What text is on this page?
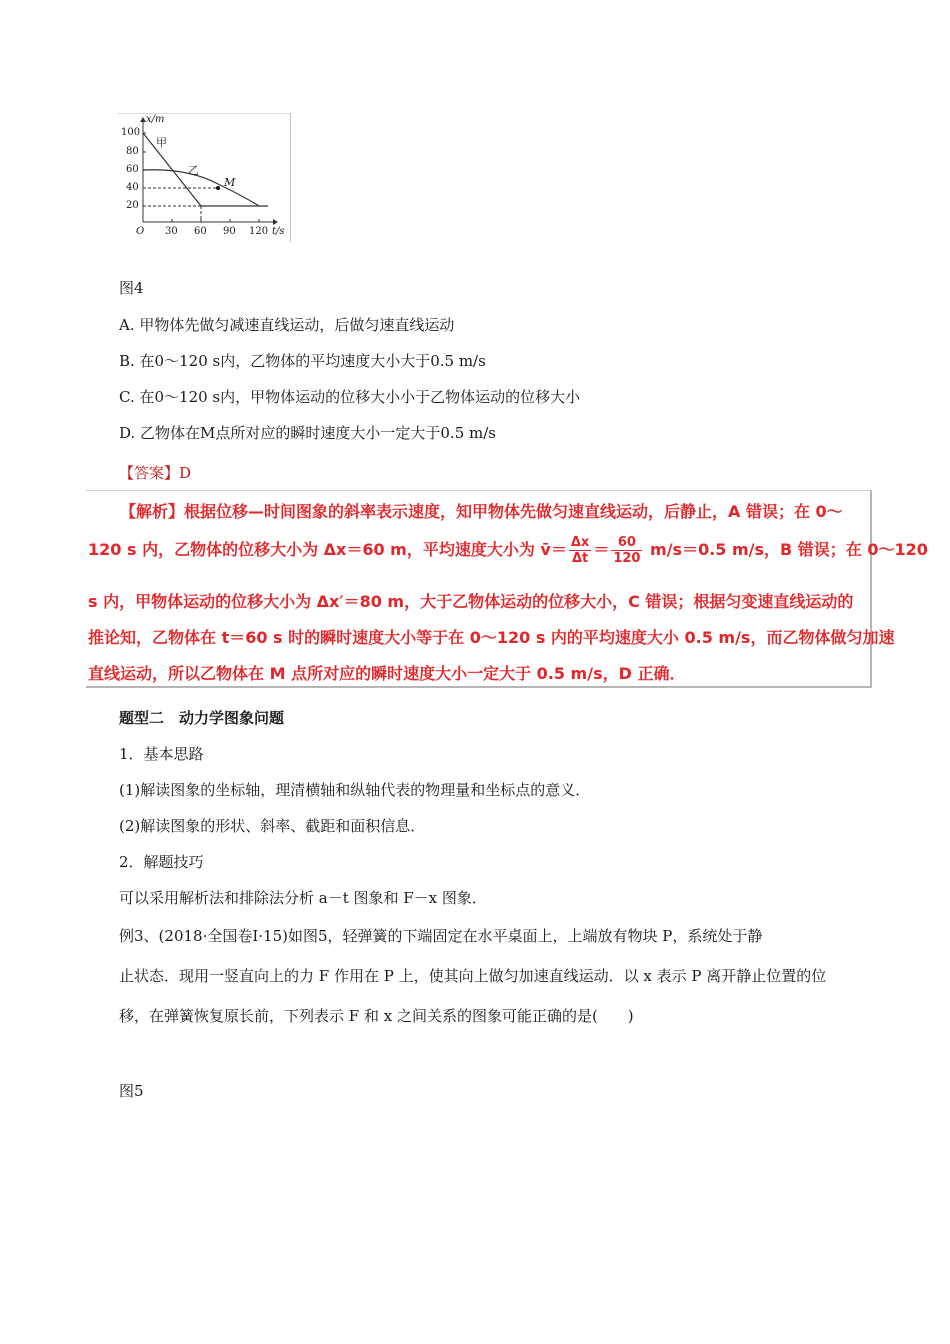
x/m
t/s
O
100
80
60
40
20
30 60 90 120
甲
乙
M
图4
A. 甲物体先做匀减速直线运动，后做匀速直线运动
B. 在0～120 s内，乙物体的平均速度大小大于0.5 m/s
C. 在0～120 s内，甲物体运动的位移大小小于乙物体运动的位移大小
D. 乙物体在M点所对应的瞬时速度大小一定大于0.5 m/s
【答案】D
【解析】根据位移—时间图象的斜率表示速度，知甲物体先做匀速直线运动，后静止，A 错误；在 0～
120 s 内，乙物体的位移大小为 Δx＝60 m，平均速度大小为 v̄＝ $\frac{\Delta x}{\Delta t} = \frac{60}{120} m/s=0.5$ m/s，B 错误；在 0～120
s 内，甲物体运动的位移大小为 Δx′＝80 m，大于乙物体运动的位移大小，C 错误；根据匀变速直线运动的
推论知，乙物体在 t＝60 s 时的瞬时速度大小等于在 0～120 s 内的平均速度大小 0.5 m/s，而乙物体做匀加速
直线运动，所以乙物体在 M 点所对应的瞬时速度大小一定大于 0.5 m/s，D 正确．
题型二　动力学图象问题
1．基本思路
(1)解读图象的坐标轴，理清横轴和纵轴代表的物理量和坐标点的意义．
(2)解读图象的形状、斜率、截距和面积信息．
2．解题技巧
可以采用解析法和排除法分析 a－t 图象和 F－x 图象．
例3、(2018·全国卷Ⅰ·15)如图5，轻弹簧的下端固定在水平桌面上，上端放有物块 P，系统处于静
止状态．现用一竖直向上的力 F 作用在 P 上，使其向上做匀加速直线运动．以 x 表示 P 离开静止位置的位
移，在弹簧恢复原长前，下列表示 F 和 x 之间关系的图象可能正确的是(　　)
图5
